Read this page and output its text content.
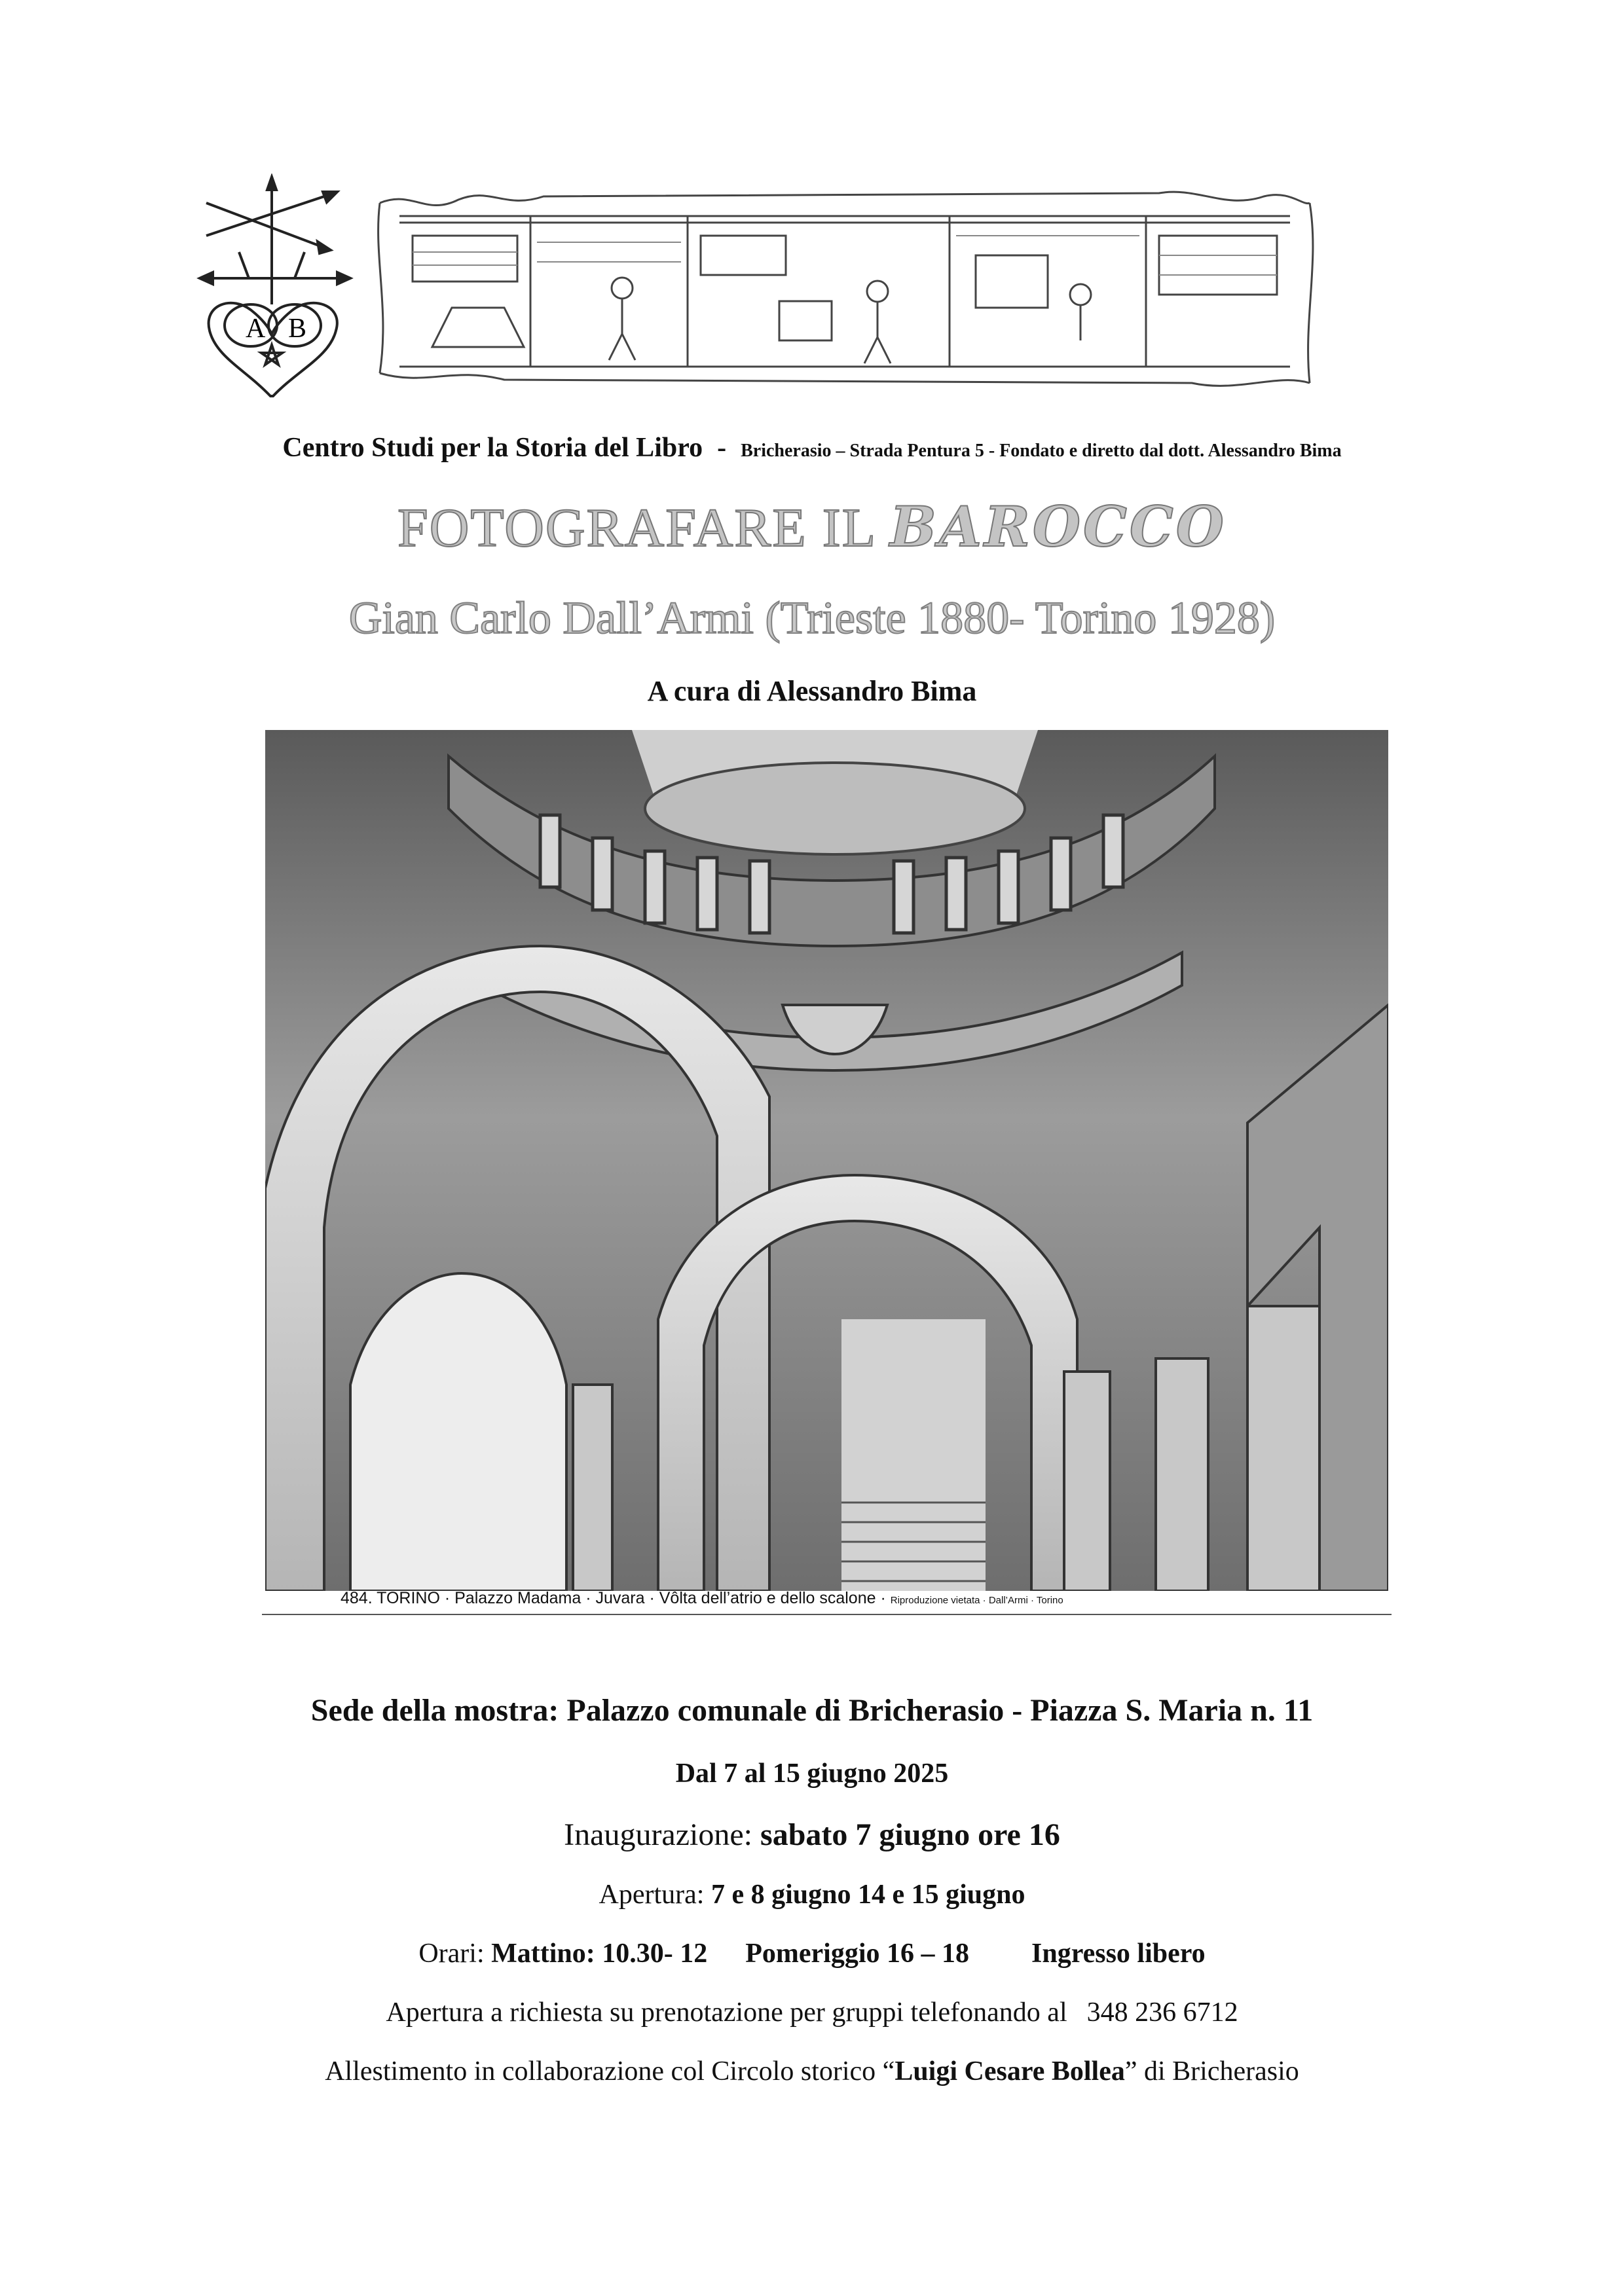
A B
Centro Studi per la Storia del Libro - Bricherasio – Strada Pentura 5 - Fondato e diretto dal dott. Alessandro Bima
FOTOGRAFARE IL BAROCCO
Gian Carlo Dall’Armi (Trieste 1880- Torino 1928)
A cura di Alessandro Bima
484. TORINO · Palazzo Madama · Juvara · Vôlta dell’atrio e dello scalone · Riproduzione vietata · Dall’Armi · Torino
Sede della mostra: Palazzo comunale di Bricherasio - Piazza S. Maria n. 11
Dal 7 al 15 giugno 2025
Inaugurazione: sabato 7 giugno ore 16
Apertura: 7 e 8 giugno 14 e 15 giugno
Orari: Mattino: 10.30- 12 Pomeriggio 16 – 18 Ingresso libero
Apertura a richiesta su prenotazione per gruppi telefonando al 348 236 6712
Allestimento in collaborazione col Circolo storico “Luigi Cesare Bollea” di Bricherasio
